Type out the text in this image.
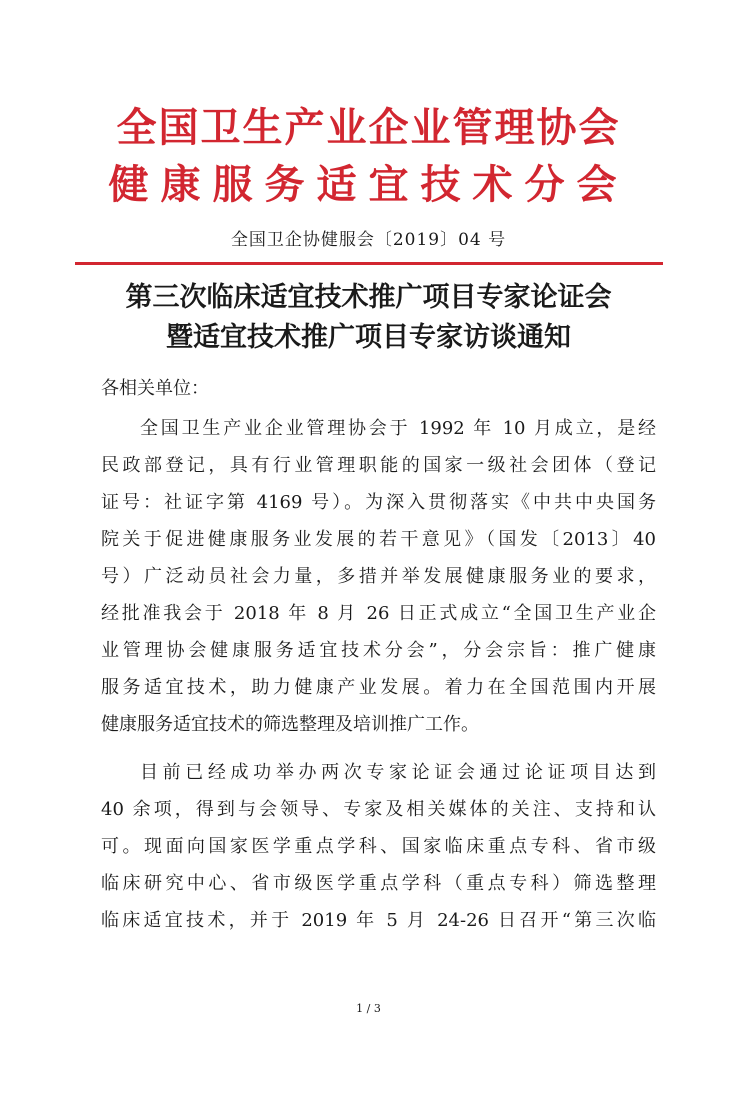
全国卫生产业企业管理协会
健康服务适宜技术分会
全国卫企协健服会〔2019〕04 号
第三次临床适宜技术推广项目专家论证会
暨适宜技术推广项目专家访谈通知
各相关单位：
全国卫生产业企业管理协会于 1992 年 10 月成立，是经
民政部登记，具有行业管理职能的国家一级社会团体（登记
证号：社证字第 4169 号）。为深入贯彻落实《中共中央国务
院关于促进健康服务业发展的若干意见》（国发〔2013〕40
号）广泛动员社会力量，多措并举发展健康服务业的要求，
经批准我会于 2018 年 8 月 26 日正式成立“全国卫生产业企
业管理协会健康服务适宜技术分会”，分会宗旨：推广健康
服务适宜技术，助力健康产业发展。着力在全国范围内开展
健康服务适宜技术的筛选整理及培训推广工作。
目前已经成功举办两次专家论证会通过论证项目达到
40 余项，得到与会领导、专家及相关媒体的关注、支持和认
可。现面向国家医学重点学科、国家临床重点专科、省市级
临床研究中心、省市级医学重点学科（重点专科）筛选整理
临床适宜技术，并于 2019 年 5 月 24-26 日召开“第三次临
1 / 3
